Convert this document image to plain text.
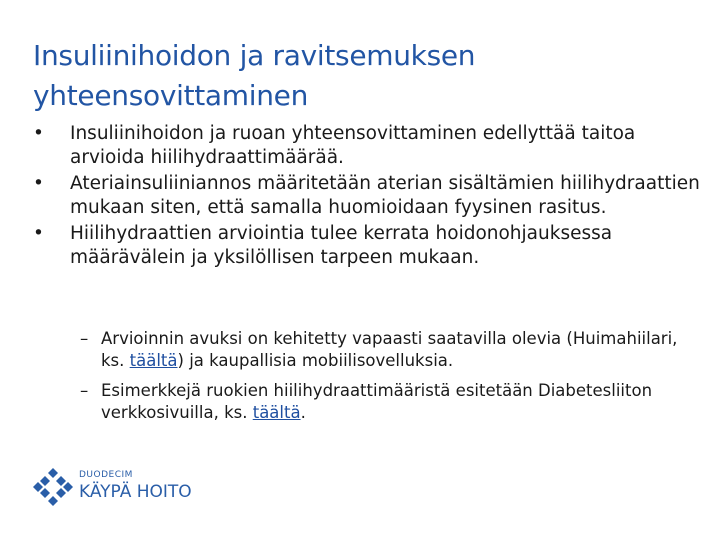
Insuliinihoidon ja ravitsemuksen yhteensovittaminen
•	Insuliinihoidon ja ruoan yhteensovittaminen edellyttää taitoa arvioida hiilihydraattimäärää.
•	Ateriainsuliiniannos määritetään aterian sisältämien hiilihydraattien mukaan siten, että samalla huomioidaan fyysinen rasitus.
•	Hiilihydraattien arviointia tulee kerrata hoidonohjauksessa määrävälein ja yksilöllisen tarpeen mukaan.
– Arvioinnin avuksi on kehitetty vapaasti saatavilla olevia (Huimahiilari, ks. täältä) ja kaupallisia mobiilisovelluksia.
– Esimerkkejä ruokien hiilihydraattimääristä esitetään Diabetesliiton verkkosivuilla, ks. täältä.
DUODECIM
KÄYPÄ HOITO
